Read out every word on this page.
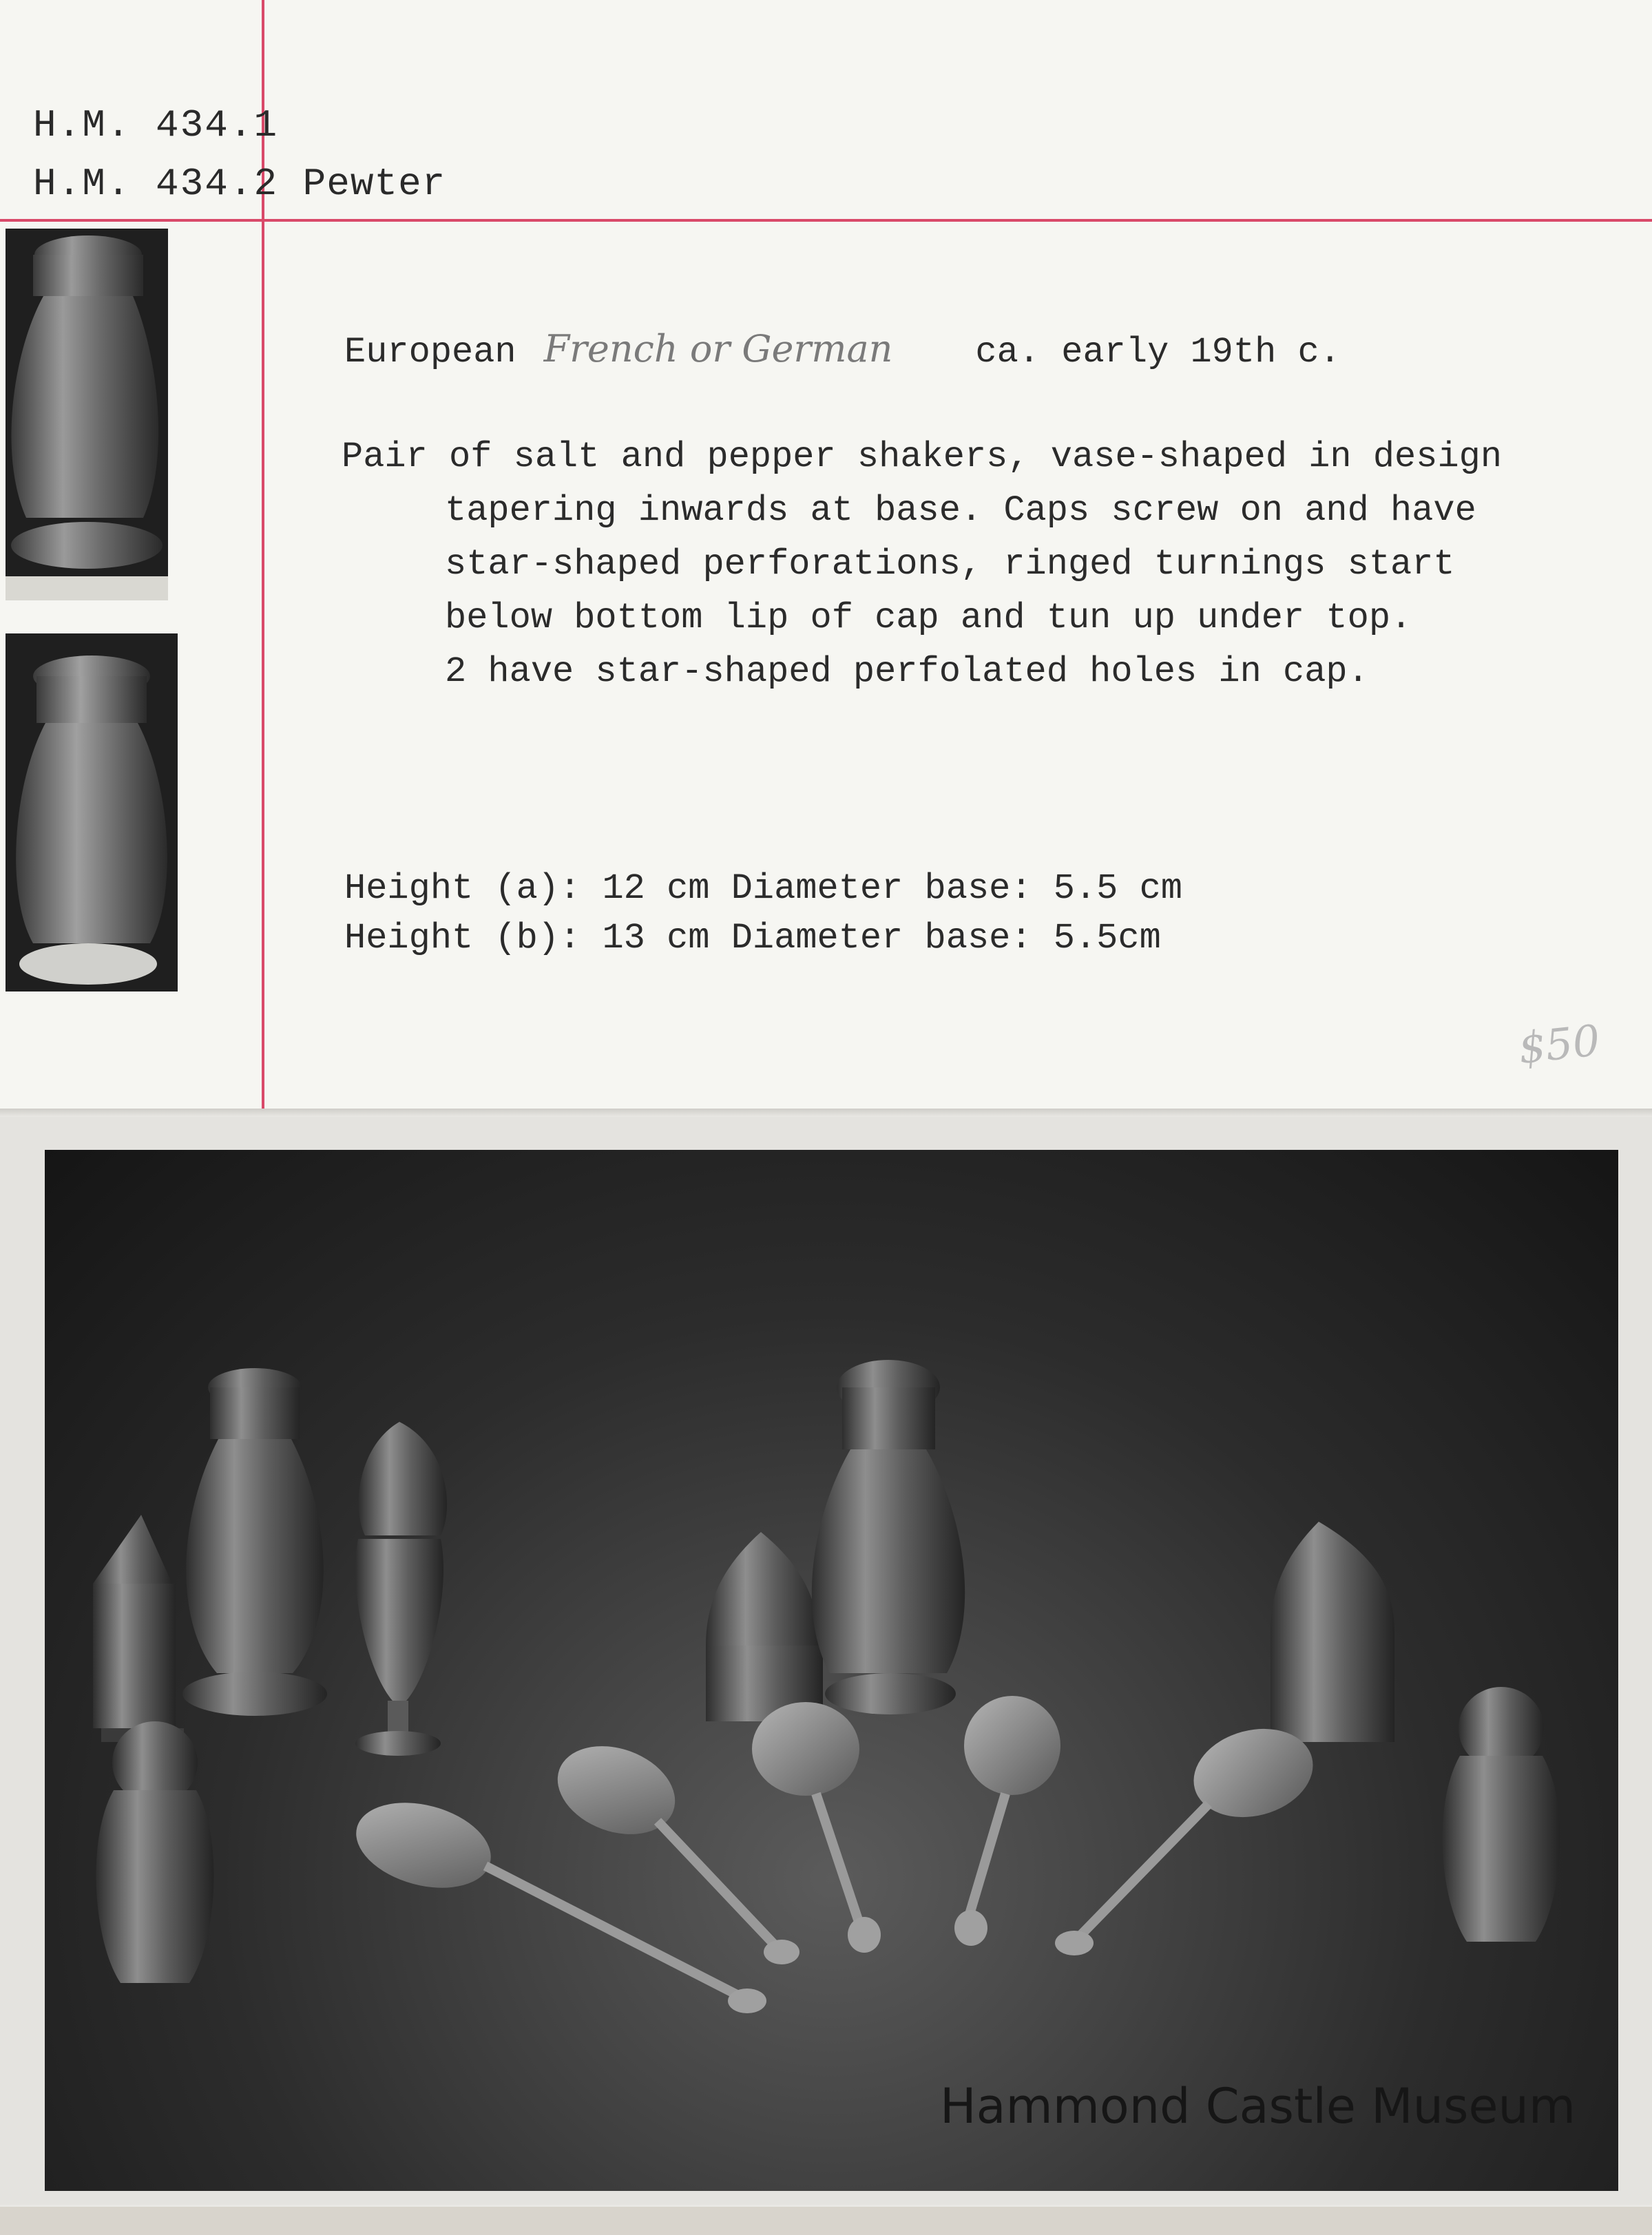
H.M. 434.1
H.M. 434.2 Pewter
European French or German ca. early 19th c.
Pair of salt and pepper shakers, vase-shaped in design
tapering inwards at base. Caps screw on and have
star-shaped perforations, ringed turnings start
below bottom lip of cap and tun up under top.
2 have star-shaped perfolated holes in cap.
Height (a): 12 cm Diameter base: 5.5 cm
Height (b): 13 cm Diameter base: 5.5cm
$50
Hammond Castle Museum
